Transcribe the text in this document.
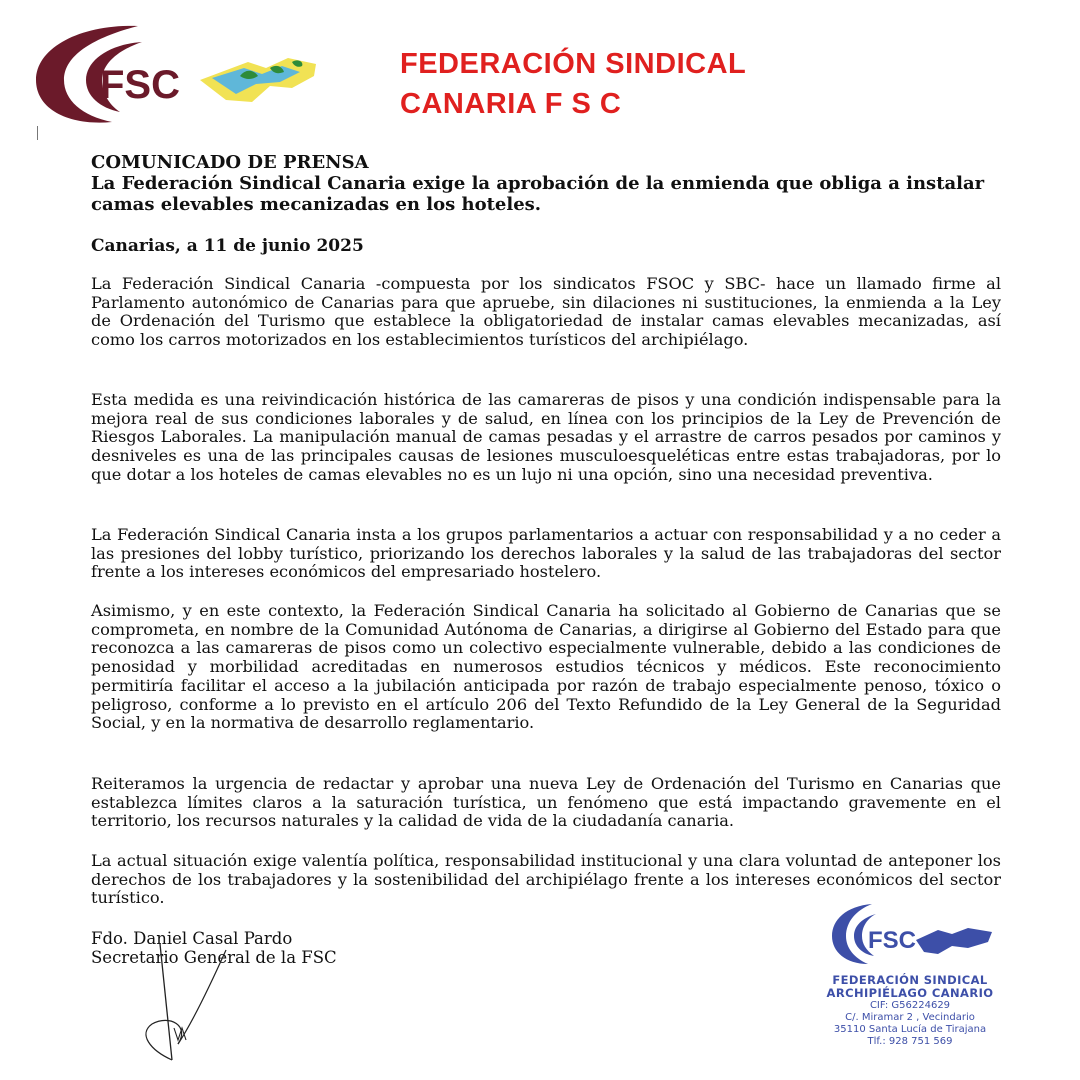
FSC	FEDERACIÓN SINDICAL
CANARIA F S C
COMUNICADO DE PRENSA
La Federación Sindical Canaria exige la aprobación de la enmienda que obliga a instalar camas elevables mecanizadas en los hoteles.
Canarias, a 11 de junio 2025
La Federación Sindical Canaria -compuesta por los sindicatos FSOC y SBC- hace un llamado firme al Parlamento autonómico de Canarias para que apruebe, sin dilaciones ni sustituciones, la enmienda a la Ley de Ordenación del Turismo que establece la obligatoriedad de instalar camas elevables mecanizadas, así como los carros motorizados en los establecimientos turísticos del archipiélago.
Esta medida es una reivindicación histórica de las camareras de pisos y una condición indispensable para la mejora real de sus condiciones laborales y de salud, en línea con los principios de la Ley de Prevención de Riesgos Laborales. La manipulación manual de camas pesadas y el arrastre de carros pesados por caminos y desniveles es una de las principales causas de lesiones musculoesqueléticas entre estas trabajadoras, por lo que dotar a los hoteles de camas elevables no es un lujo ni una opción, sino una necesidad preventiva.
La Federación Sindical Canaria insta a los grupos parlamentarios a actuar con responsabilidad y a no ceder a las presiones del lobby turístico, priorizando los derechos laborales y la salud de las trabajadoras del sector frente a los intereses económicos del empresariado hostelero.
Asimismo, y en este contexto, la Federación Sindical Canaria ha solicitado al Gobierno de Canarias que se comprometa, en nombre de la Comunidad Autónoma de Canarias, a dirigirse al Gobierno del Estado para que reconozca a las camareras de pisos como un colectivo especialmente vulnerable, debido a las condiciones de penosidad y morbilidad acreditadas en numerosos estudios técnicos y médicos. Este reconocimiento permitiría facilitar el acceso a la jubilación anticipada por razón de trabajo especialmente penoso, tóxico o peligroso, conforme a lo previsto en el artículo 206 del Texto Refundido de la Ley General de la Seguridad Social, y en la normativa de desarrollo reglamentario.
Reiteramos la urgencia de redactar y aprobar una nueva Ley de Ordenación del Turismo en Canarias que establezca límites claros a la saturación turística, un fenómeno que está impactando gravemente en el territorio, los recursos naturales y la calidad de vida de la ciudadanía canaria.
La actual situación exige valentía política, responsabilidad institucional y una clara voluntad de anteponer los derechos de los trabajadores y la sostenibilidad del archipiélago frente a los intereses económicos del sector turístico.
Fdo. Daniel Casal Pardo
Secretario General de la FSC
FSC
FEDERACIÓN SINDICAL
ARCHIPIÉLAGO CANARIO
CIF: G56224629
C/. Miramar 2 , Vecindario
35110 Santa Lucía de Tirajana
Tlf.: 928 751 569
